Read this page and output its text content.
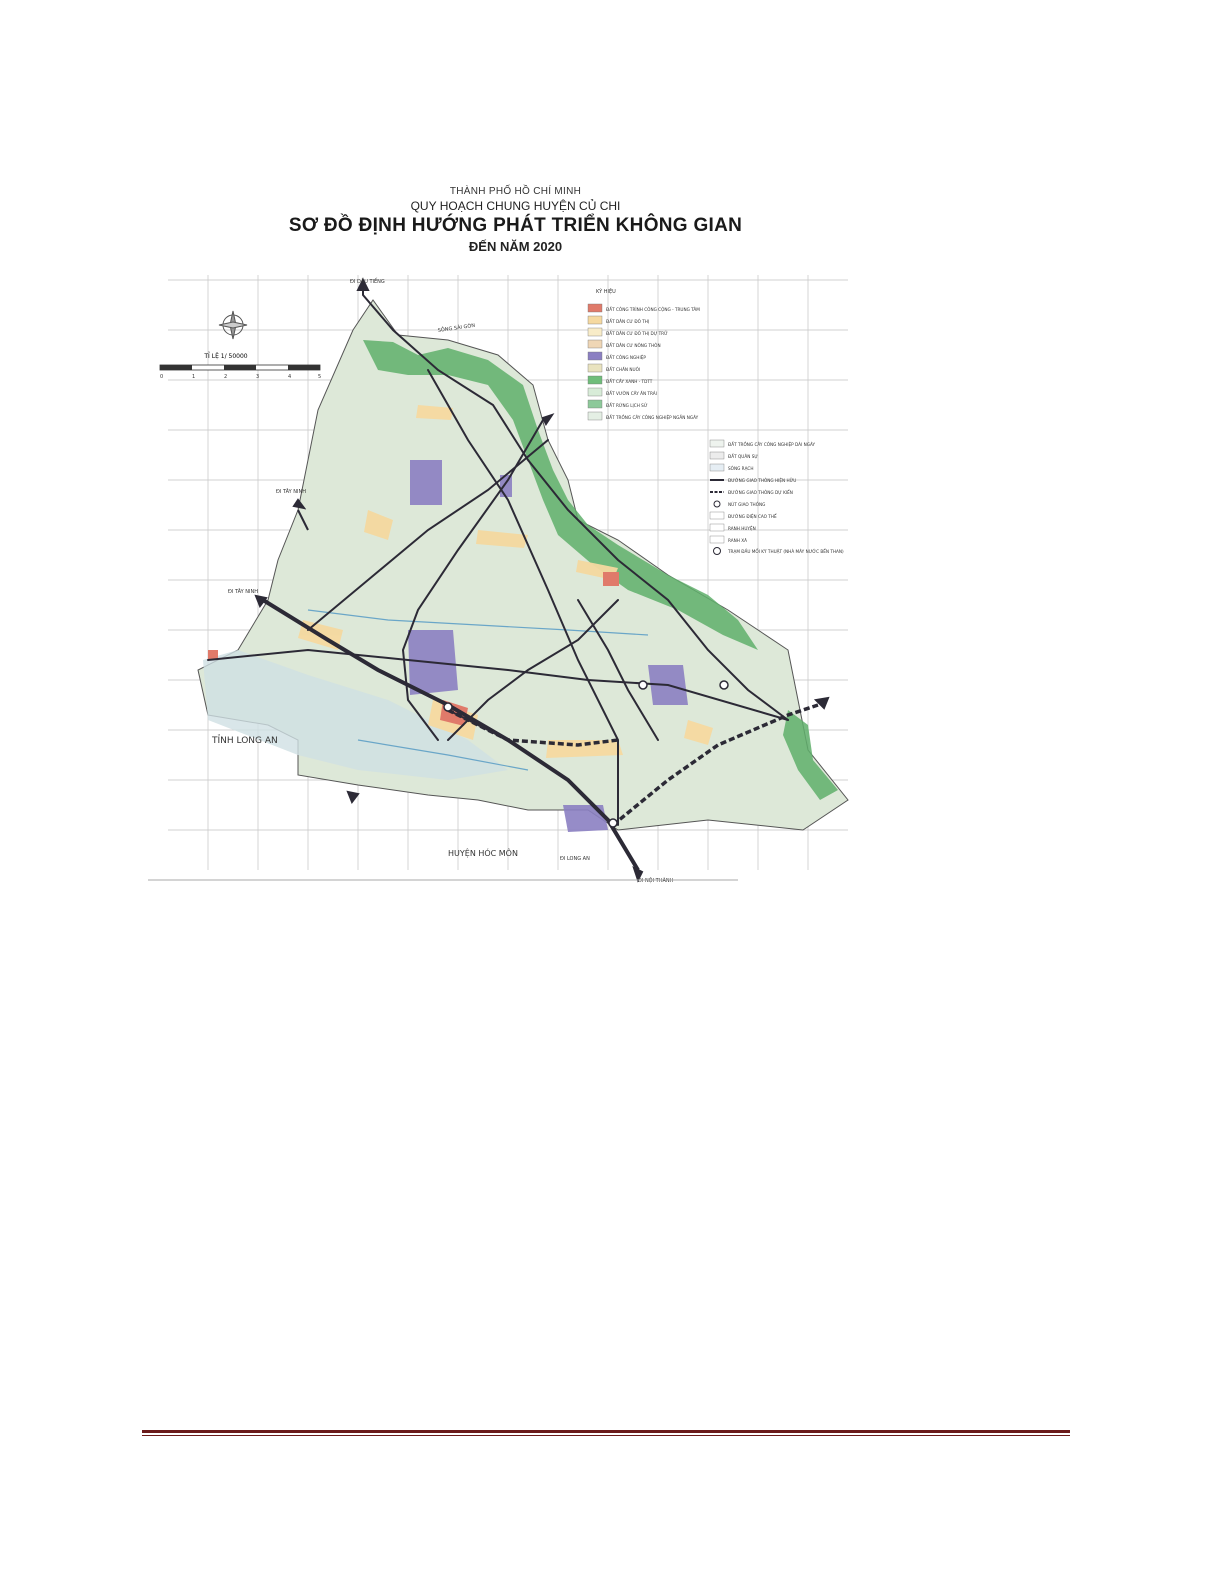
TỈ LỆ 1/ 50000
0	1	2	3	4	5
ĐI DẦU TIẾNG
ĐI TÂY NINH
ĐI TÂY NINH
TỈNH LONG AN
HUYỆN HÓC MÔN
ĐI LONG AN
ĐI NỘI THÀNH
SÔNG SÀI GÒN
KÝ HIỆU
ĐẤT CÔNG TRÌNH CÔNG CỘNG - TRUNG TÂM
ĐẤT DÂN CƯ ĐÔ THỊ
ĐẤT DÂN CƯ ĐÔ THỊ DỰ TRỮ
ĐẤT DÂN CƯ NÔNG THÔN
ĐẤT CÔNG NGHIỆP
ĐẤT CHĂN NUÔI
ĐẤT CÂY XANH - TDTT
ĐẤT VƯỜN CÂY ĂN TRÁI
ĐẤT RỪNG LỊCH SỬ
ĐẤT TRỒNG CÂY CÔNG NGHIỆP NGẮN NGÀY
ĐẤT TRỒNG CÂY CÔNG NGHIỆP DÀI NGÀY
ĐẤT QUÂN SỰ
SÔNG RẠCH
ĐƯỜNG GIAO THÔNG HIỆN HỮU
ĐƯỜNG GIAO THÔNG DỰ KIẾN
NÚT GIAO THÔNG
ĐƯỜNG ĐIỆN CAO THẾ
RANH HUYỆN
RANH XÃ
TRẠM ĐẦU MỐI KỸ THUẬT (NHÀ MÁY NƯỚC BẾN THAN)
THÀNH PHỐ HỒ CHÍ MINH
QUY HOẠCH CHUNG HUYỆN CỦ CHI
SƠ ĐỒ ĐỊNH HƯỚNG PHÁT TRIỂN KHÔNG GIAN
ĐẾN NĂM 2020
